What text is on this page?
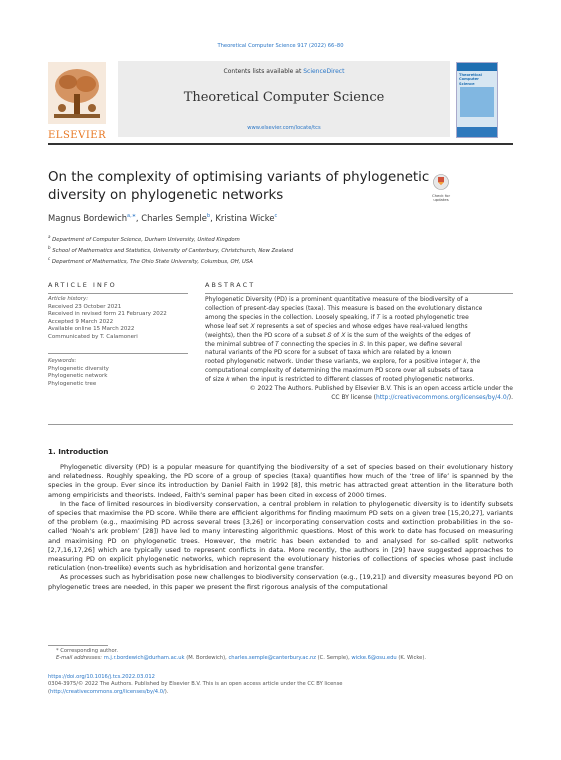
Theoretical Computer Science 917 (2022) 66–80
ELSEVIER
Contents lists available at ScienceDirect
Theoretical Computer Science
www.elsevier.com/locate/tcs
Theoretical Computer Science
On the complexity of optimising variants of phylogenetic
diversity on phylogenetic networks	Check for updates
Magnus Bordewich$^{a,∗}$, Charles Semple$^b$, Kristina Wicke$^c$
$^a$ Department of Computer Science, Durham University, United Kingdom
$^b$ School of Mathematics and Statistics, University of Canterbury, Christchurch, New Zealand
$^c$ Department of Mathematics, The Ohio State University, Columbus, OH, USA
ARTICLE INFO
Article history:
Received 23 October 2021
Received in revised form 21 February 2022
Accepted 9 March 2022
Available online 15 March 2022
Communicated by T. Calamoneri
Keywords:
Phylogenetic diversity
Phylogenetic network
Phylogenetic tree
ABSTRACT
Phylogenetic Diversity (PD) is a prominent quantitative measure of the biodiversity of a
collection of present-day species (taxa). This measure is based on the evolutionary distance
among the species in the collection. Loosely speaking, if 𝑇 is a rooted phylogenetic tree
whose leaf set 𝑋 represents a set of species and whose edges have real-valued lengths
(weights), then the PD score of a subset 𝑆 of 𝑋 is the sum of the weights of the edges of
the minimal subtree of 𝑇 connecting the species in 𝑆. In this paper, we define several
natural variants of the PD score for a subset of taxa which are related by a known
rooted phylogenetic network. Under these variants, we explore, for a positive integer 𝑘, the
computational complexity of determining the maximum PD score over all subsets of taxa
of size 𝑘 when the input is restricted to different classes of rooted phylogenetic networks.
© 2022 The Authors. Published by Elsevier B.V. This is an open access article under the
CC BY license (http://creativecommons.org/licenses/by/4.0/).
1. Introduction

Phylogenetic diversity (PD) is a popular measure for quantifying the biodiversity of a set of species based on their evolutionary history and relatedness. Roughly speaking, the PD score of a group of species (taxa) quantifies how much of the ‘tree of life’ is spanned by the species in the group. Ever since its introduction by Daniel Faith in 1992 [8], this metric has attracted great attention in the literature both among empiricists and theorists. Indeed, Faith’s seminal paper has been cited in excess of 2000 times.

In the face of limited resources in biodiversity conservation, a central problem in relation to phylogenetic diversity is to identify subsets of species that maximise the PD score. While there are efficient algorithms for finding maximum PD sets on a given tree [15,20,27], variants of the problem (e.g., maximising PD across several trees [3,26] or incorporating conservation costs and extinction probabilities in the so-called ‘Noah’s ark problem’ [28]) have led to many interesting algorithmic questions. Most of this work to date has focused on measuring and maximising PD on phylogenetic trees. However, the metric has been extended to and analysed for so-called split networks [2,7,16,17,26] which are typically used to represent conflicts in data. More recently, the authors in [29] have suggested approaches to measuring PD on explicit phylogenetic networks, which represent the evolutionary histories of collections of species whose past include reticulation (non-treelike) events such as hybridisation and horizontal gene transfer.

As processes such as hybridisation pose new challenges to biodiversity conservation (e.g., [19,21]) and diversity measures beyond PD on phylogenetic trees are needed, in this paper we present the first rigorous analysis of the computational

* Corresponding author.
E-mail addresses: m.j.r.bordewich@durham.ac.uk (M. Bordewich), charles.semple@canterbury.ac.nz (C. Semple), wicke.6@osu.edu (K. Wicke).
https://doi.org/10.1016/j.tcs.2022.03.012
0304-3975/© 2022 The Authors. Published by Elsevier B.V. This is an open access article under the CC BY license
(http://creativecommons.org/licenses/by/4.0/).
